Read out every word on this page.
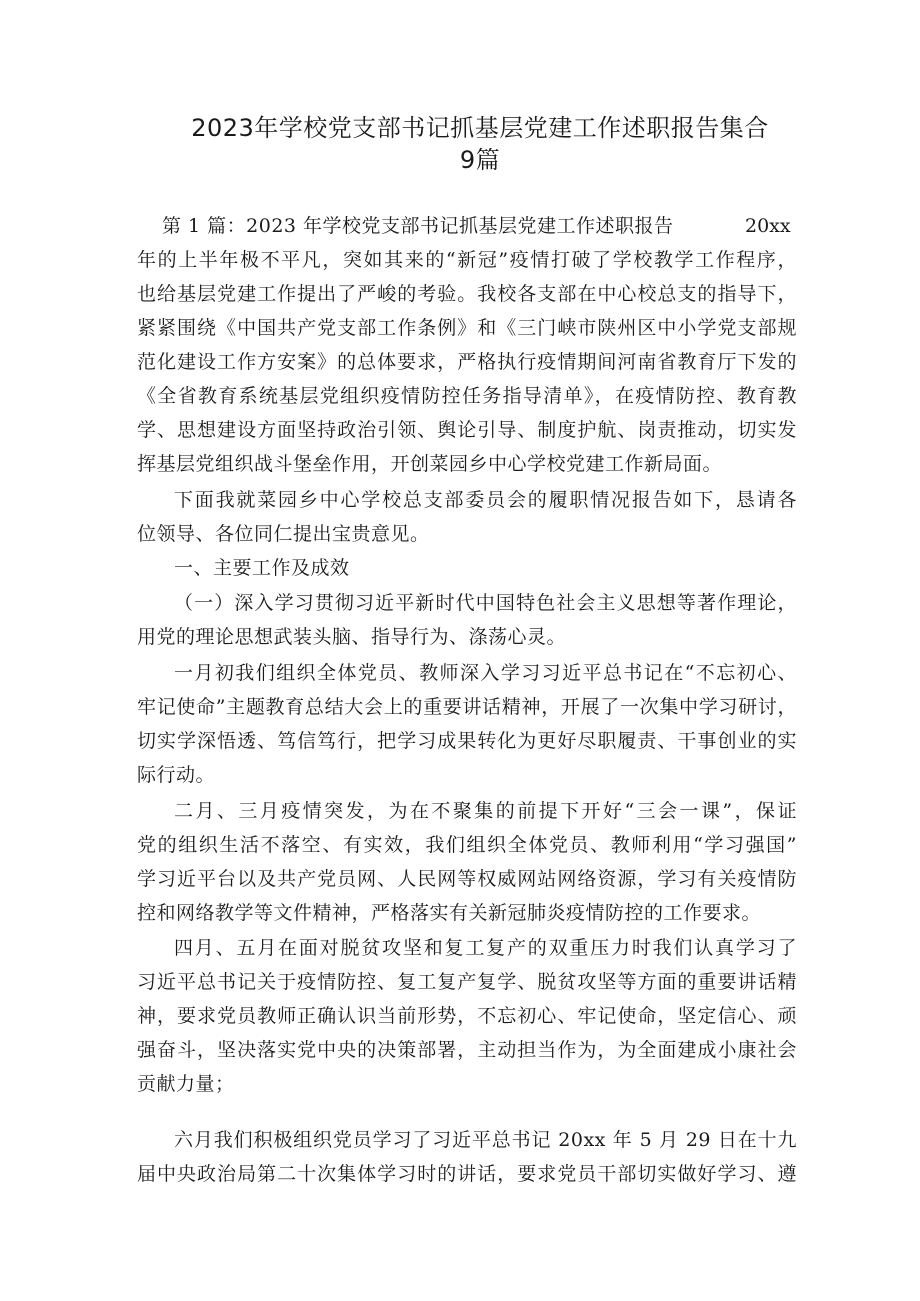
2023年学校党支部书记抓基层党建工作述职报告集合
9篇
第 1 篇：2023 年学校党支部书记抓基层党建工作述职报告	20xx
年的上半年极不平凡，突如其来的“新冠”疫情打破了学校教学工作程序，
也给基层党建工作提出了严峻的考验。我校各支部在中心校总支的指导下，
紧紧围绕《中国共产党支部工作条例》和《三门峡市陕州区中小学党支部规
范化建设工作方安案》的总体要求，严格执行疫情期间河南省教育厅下发的
《全省教育系统基层党组织疫情防控任务指导清单》，在疫情防控、教育教
学、思想建设方面坚持政治引领、舆论引导、制度护航、岗责推动，切实发
挥基层党组织战斗堡垒作用，开创菜园乡中心学校党建工作新局面。
下面我就菜园乡中心学校总支部委员会的履职情况报告如下，恳请各
位领导、各位同仁提出宝贵意见。
一、主要工作及成效
（一）深入学习贯彻习近平新时代中国特色社会主义思想等著作理论，
用党的理论思想武装头脑、指导行为、涤荡心灵。
一月初我们组织全体党员、教师深入学习习近平总书记在“不忘初心、
牢记使命”主题教育总结大会上的重要讲话精神，开展了一次集中学习研讨，
切实学深悟透、笃信笃行，把学习成果转化为更好尽职履责、干事创业的实
际行动。
二月、三月疫情突发，为在不聚集的前提下开好“三会一课”，保证
党的组织生活不落空、有实效，我们组织全体党员、教师利用“学习强国”
学习近平台以及共产党员网、人民网等权威网站网络资源，学习有关疫情防
控和网络教学等文件精神，严格落实有关新冠肺炎疫情防控的工作要求。
四月、五月在面对脱贫攻坚和复工复产的双重压力时我们认真学习了
习近平总书记关于疫情防控、复工复产复学、脱贫攻坚等方面的重要讲话精
神，要求党员教师正确认识当前形势，不忘初心、牢记使命，坚定信心、顽
强奋斗，坚决落实党中央的决策部署，主动担当作为，为全面建成小康社会
贡献力量；
六月我们积极组织党员学习了习近平总书记 20xx 年 5 月 29 日在十九
届中央政治局第二十次集体学习时的讲话，要求党员干部切实做好学习、遵
